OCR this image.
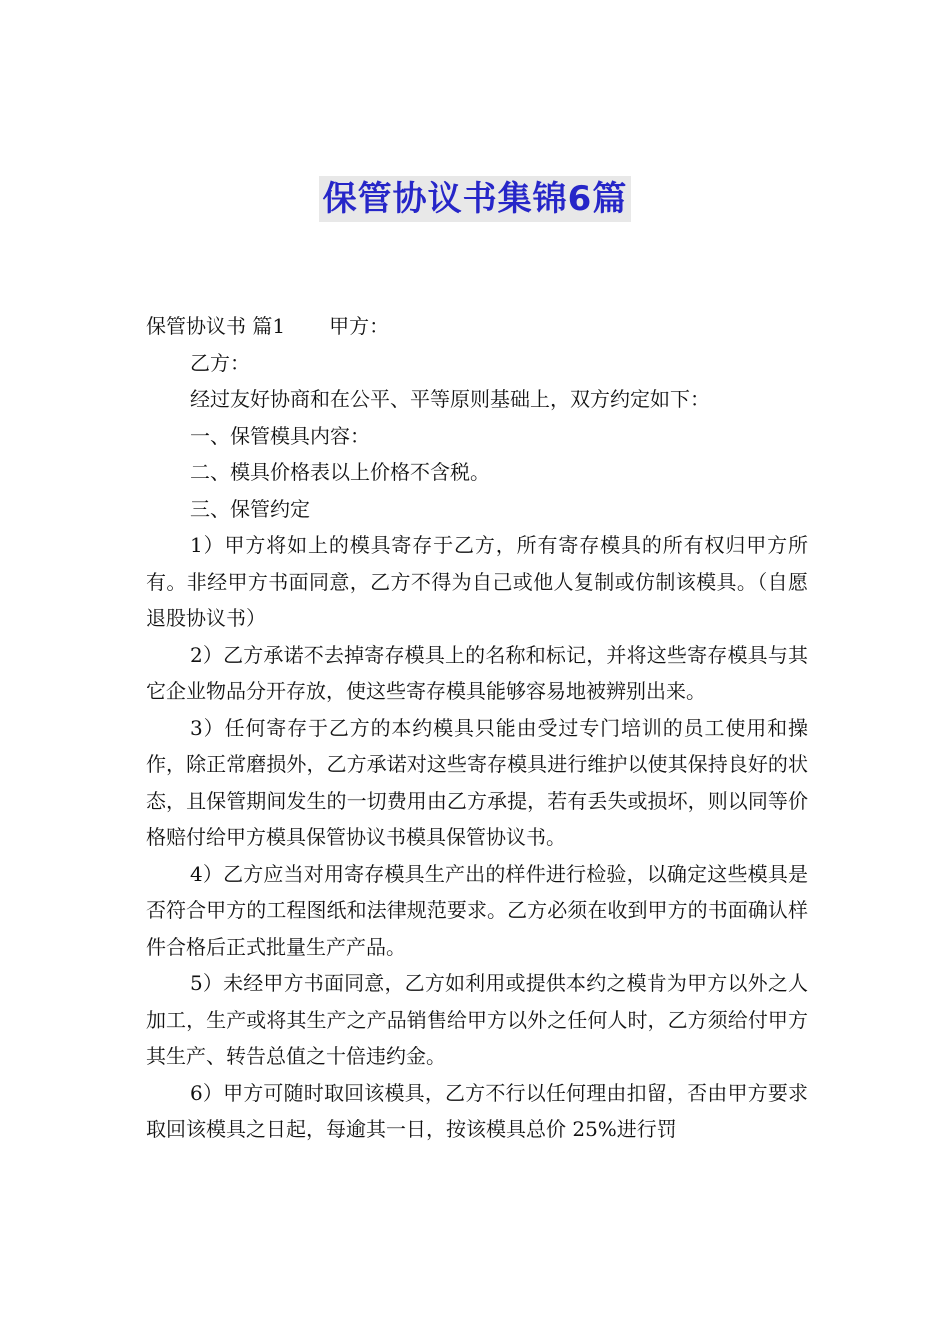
保管协议书集锦6篇

保管协议书 篇1 甲方：

乙方：

经过友好协商和在公平、平等原则基础上，双方约定如下：

一、保管模具内容：

二、模具价格表以上价格不含税。

三、保管约定

1）甲方将如上的模具寄存于乙方，所有寄存模具的所有权归甲方所有。非经甲方书面同意，乙方不得为自己或他人复制或仿制该模具。（自愿退股协议书）

2）乙方承诺不去掉寄存模具上的名称和标记，并将这些寄存模具与其它企业物品分开存放，使这些寄存模具能够容易地被辨别出来。

3）任何寄存于乙方的本约模具只能由受过专门培训的员工使用和操作，除正常磨损外，乙方承诺对这些寄存模具进行维护以使其保持良好的状态，且保管期间发生的一切费用由乙方承提，若有丢失或损坏，则以同等价格赔付给甲方模具保管协议书模具保管协议书。

4）乙方应当对用寄存模具生产出的样件进行检验，以确定这些模具是否符合甲方的工程图纸和法律规范要求。乙方必须在收到甲方的书面确认样件合格后正式批量生产产品。

5）未经甲方书面同意，乙方如利用或提供本约之模肯为甲方以外之人加工，生产或将其生产之产品销售给甲方以外之任何人时，乙方须给付甲方其生产、转告总值之十倍违约金。

6）甲方可随时取回该模具，乙方不行以任何理由扣留，否由甲方要求取回该模具之日起，每逾其一日，按该模具总价 25%进行罚
